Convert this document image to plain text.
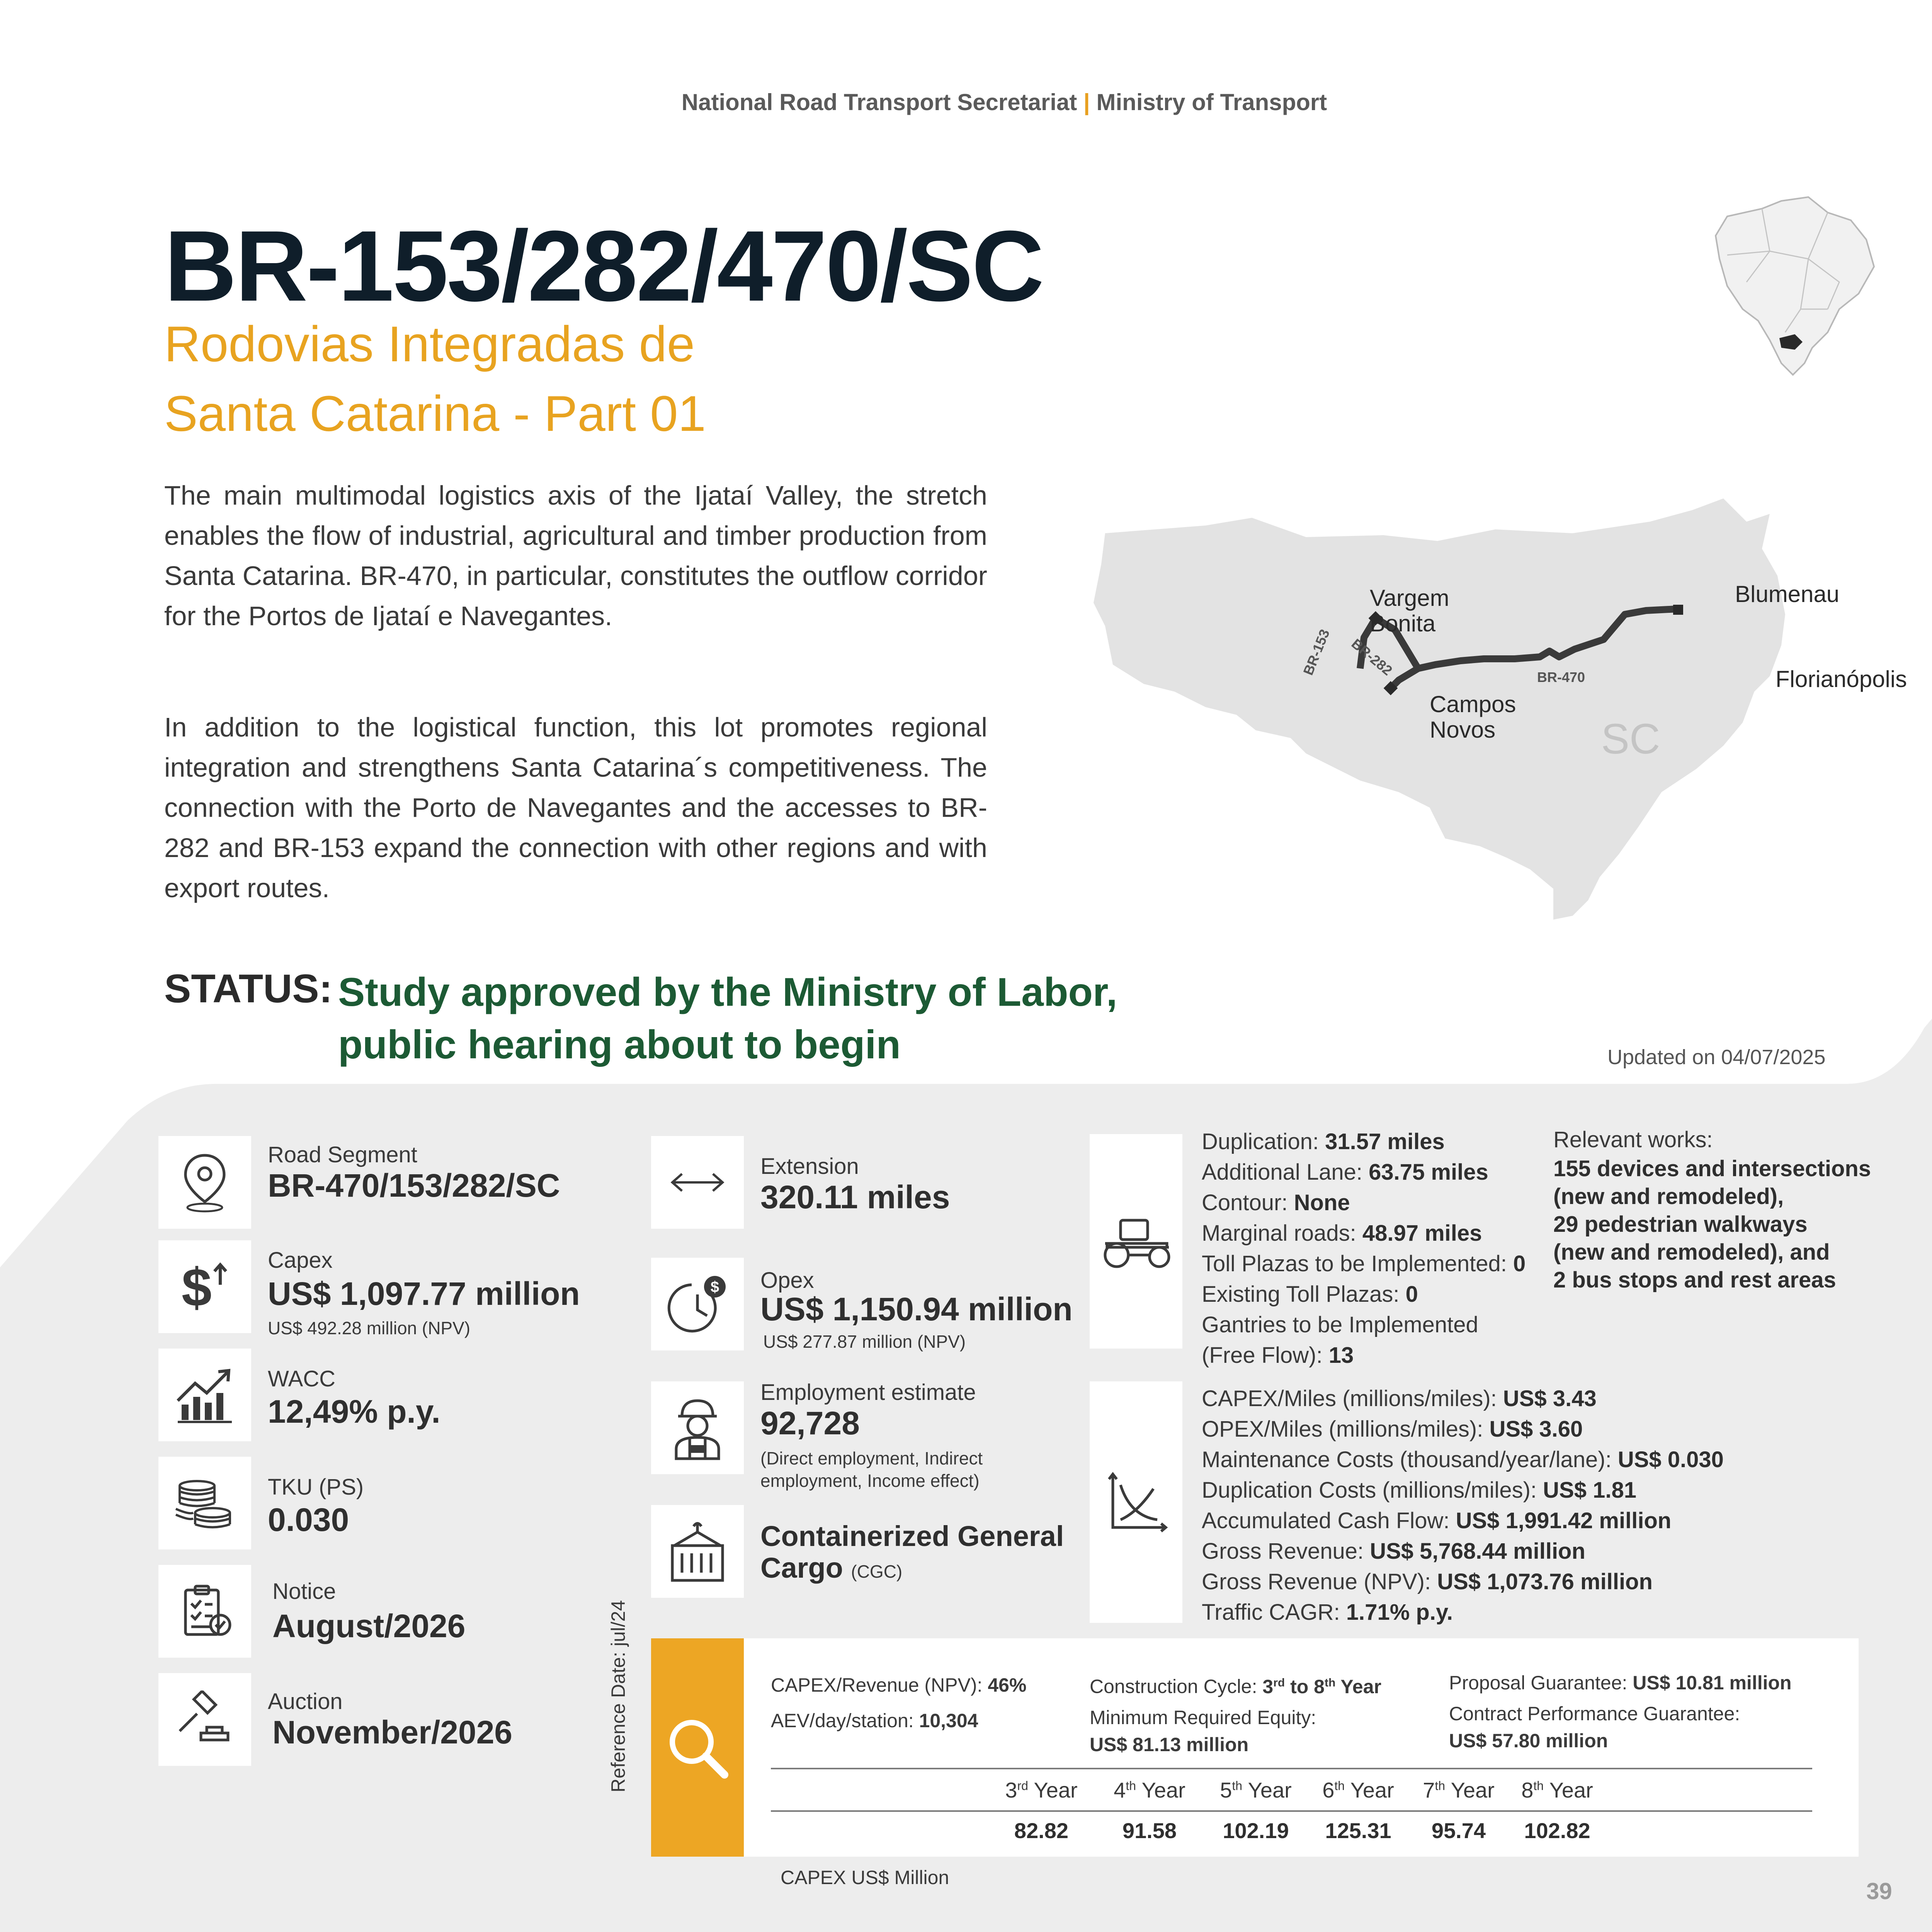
National Road Transport Secretariat | Ministry of Transport
BR-153/282/470/SC
Rodovias Integradas de
Santa Catarina - Part 01
SC
BR-470
BR-153 BR-282
Vargem
Bonita
Blumenau
Florianópolis
Campos
Novos
The main multimodal logistics axis of the Ijataí Valley, the stretch enables the flow of industrial, agricultural and timber production from Santa Catarina. BR-470, in particular, constitutes the outflow corridor for the Portos de Ijataí e Navegantes.
In addition to the logistical function, this lot promotes regional integration and strengthens Santa Catarina´s competitiveness. The connection with the Porto de Navegantes and the accesses to BR-282 and BR-153 expand the connection with other regions and with export routes.
STATUS: Study approved by the Ministry of Labor,
public hearing about to begin	Updated on 04/07/2025
Road Segment
BR-470/153/282/SC
$	Capex
US$ 1,097.77 million
US$ 492.28 million (NPV)
WACC
12,49% p.y.
TKU (PS)
0.030
Notice
August/2026
Auction
November/2026
Extension
320.11 miles
$ Opex
US$ 1,150.94 million
US$ 277.87 million (NPV)
Employment estimate
92,728
(Direct employment, Indirect
employment, Income effect)
Containerized General
Cargo (CGC)
Duplication: 31.57 miles
Additional Lane: 63.75 miles
Contour: None
Marginal roads: 48.97 miles
Toll Plazas to be Implemented: 0
Existing Toll Plazas: 0
Gantries to be Implemented
(Free Flow): 13
Relevant works:
155 devices and intersections
(new and remodeled),
29 pedestrian walkways
(new and remodeled), and
2 bus stops and rest areas
CAPEX/Miles (millions/miles): US$ 3.43
OPEX/Miles (millions/miles): US$ 3.60
Maintenance Costs (thousand/year/lane): US$ 0.030
Duplication Costs (millions/miles): US$ 1.81
Accumulated Cash Flow: US$ 1,991.42 million
Gross Revenue: US$ 5,768.44 million
Gross Revenue (NPV): US$ 1,073.76 million
Traffic CAGR: 1.71% p.y.
Reference Date: jul/24	CAPEX/Revenue (NPV): 46%
AEV/day/station: 10,304
Construction Cycle: 3rd to 8th Year
Minimum Required Equity:
US$ 81.13 million
Proposal Guarantee: US$ 10.81 million
Contract Performance Guarantee:
US$ 57.80 million
3rd Year	4th Year	5th Year	6th Year	7th Year	8th Year
82.82	91.58	102.19	125.31	95.74	102.82
CAPEX US$ Million
39
